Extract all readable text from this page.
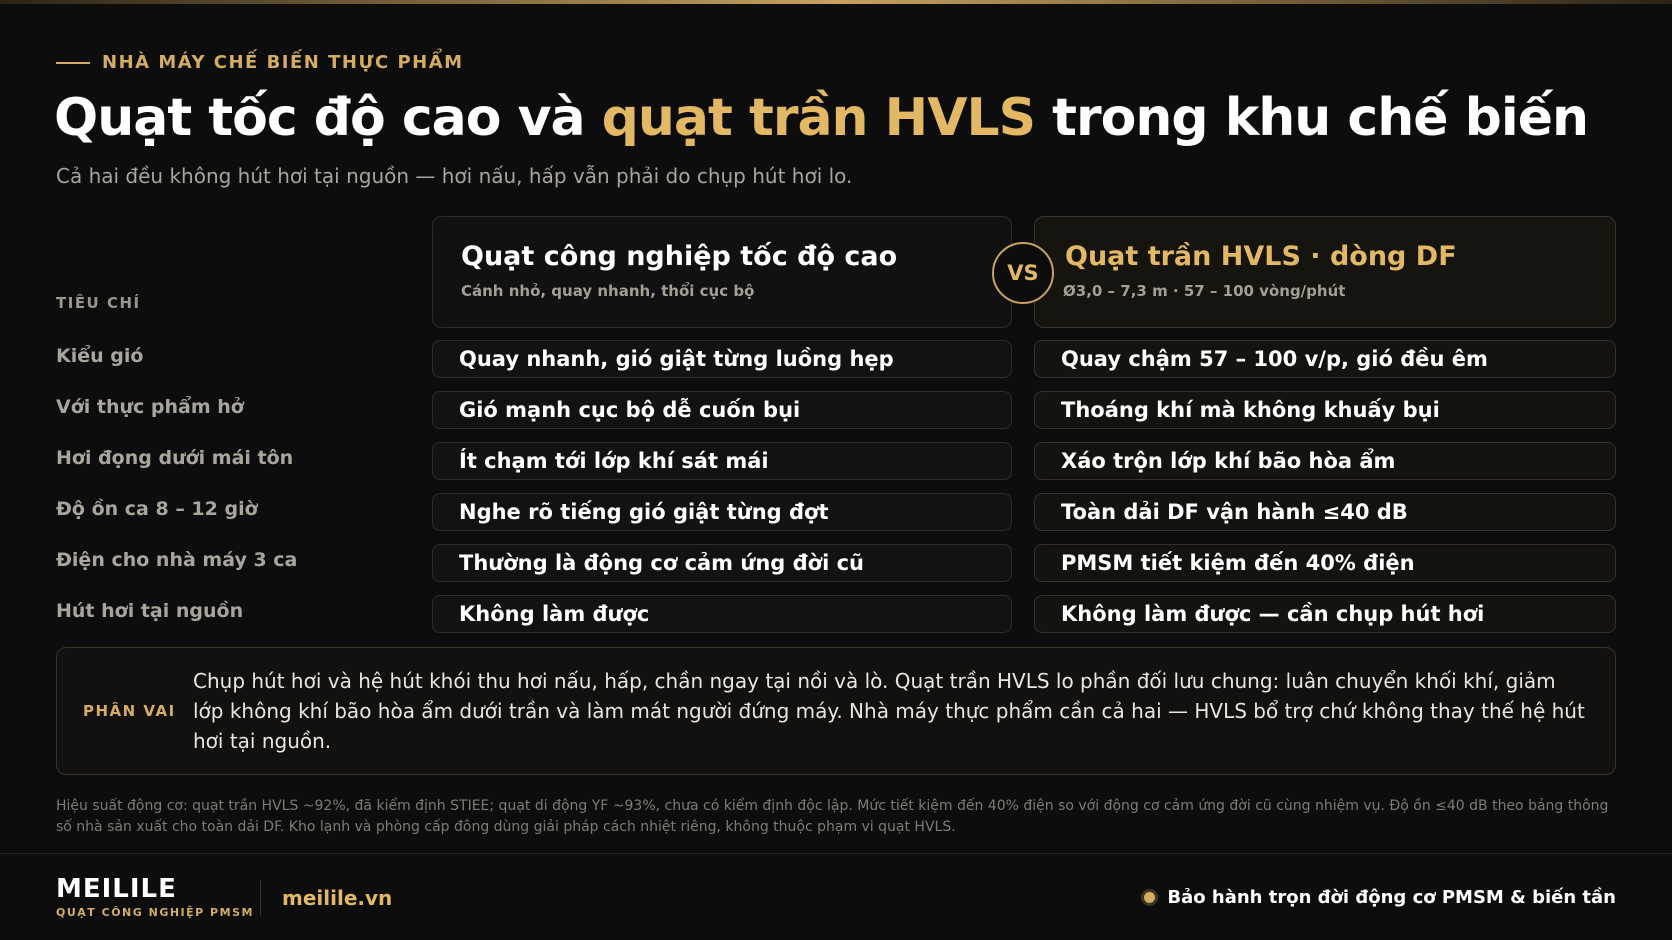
NHÀ MÁY CHẾ BIẾN THỰC PHẨM
Quạt tốc độ cao và quạt trần HVLS trong khu chế biến
Cả hai đều không hút hơi tại nguồn — hơi nấu, hấp vẫn phải do chụp hút hơi lo.
TIÊU CHÍ
Quạt công nghiệp tốc độ cao
Cánh nhỏ, quay nhanh, thổi cục bộ
VS
Quạt trần HVLS · dòng DF
Ø3,0 – 7,3 m · 57 – 100 vòng/phút
Kiểu gió	Quay nhanh, gió giật từng luồng hẹp	Quay chậm 57 – 100 v/p, gió đều êm
Với thực phẩm hở	Gió mạnh cục bộ dễ cuốn bụi	Thoáng khí mà không khuấy bụi
Hơi đọng dưới mái tôn	Ít chạm tới lớp khí sát mái	Xáo trộn lớp khí bão hòa ẩm
Độ ồn ca 8 – 12 giờ	Nghe rõ tiếng gió giật từng đợt	Toàn dải DF vận hành ≤40 dB
Điện cho nhà máy 3 ca	Thường là động cơ cảm ứng đời cũ	PMSM tiết kiệm đến 40% điện
Hút hơi tại nguồn	Không làm được	Không làm được — cần chụp hút hơi
PHÂN VAI
Chụp hút hơi và hệ hút khói thu hơi nấu, hấp, chần ngay tại nồi và lò. Quạt trần HVLS lo phần đối lưu chung: luân chuyển khối khí, giảm lớp không khí bão hòa ẩm dưới trần và làm mát người đứng máy. Nhà máy thực phẩm cần cả hai — HVLS bổ trợ chứ không thay thế hệ hút hơi tại nguồn.
Hiệu suất động cơ: quạt trần HVLS ~92%, đã kiểm định STIEE; quạt di động YF ~93%, chưa có kiểm định độc lập. Mức tiết kiệm đến 40% điện so với động cơ cảm ứng đời cũ cùng nhiệm vụ. Độ ồn ≤40 dB theo bảng thông số nhà sản xuất cho toàn dải DF. Kho lạnh và phòng cấp đông dùng giải pháp cách nhiệt riêng, không thuộc phạm vi quạt HVLS.
MEILILE
QUẠT CÔNG NGHIỆP PMSM
meilile.vn	Bảo hành trọn đời động cơ PMSM & biến tần
